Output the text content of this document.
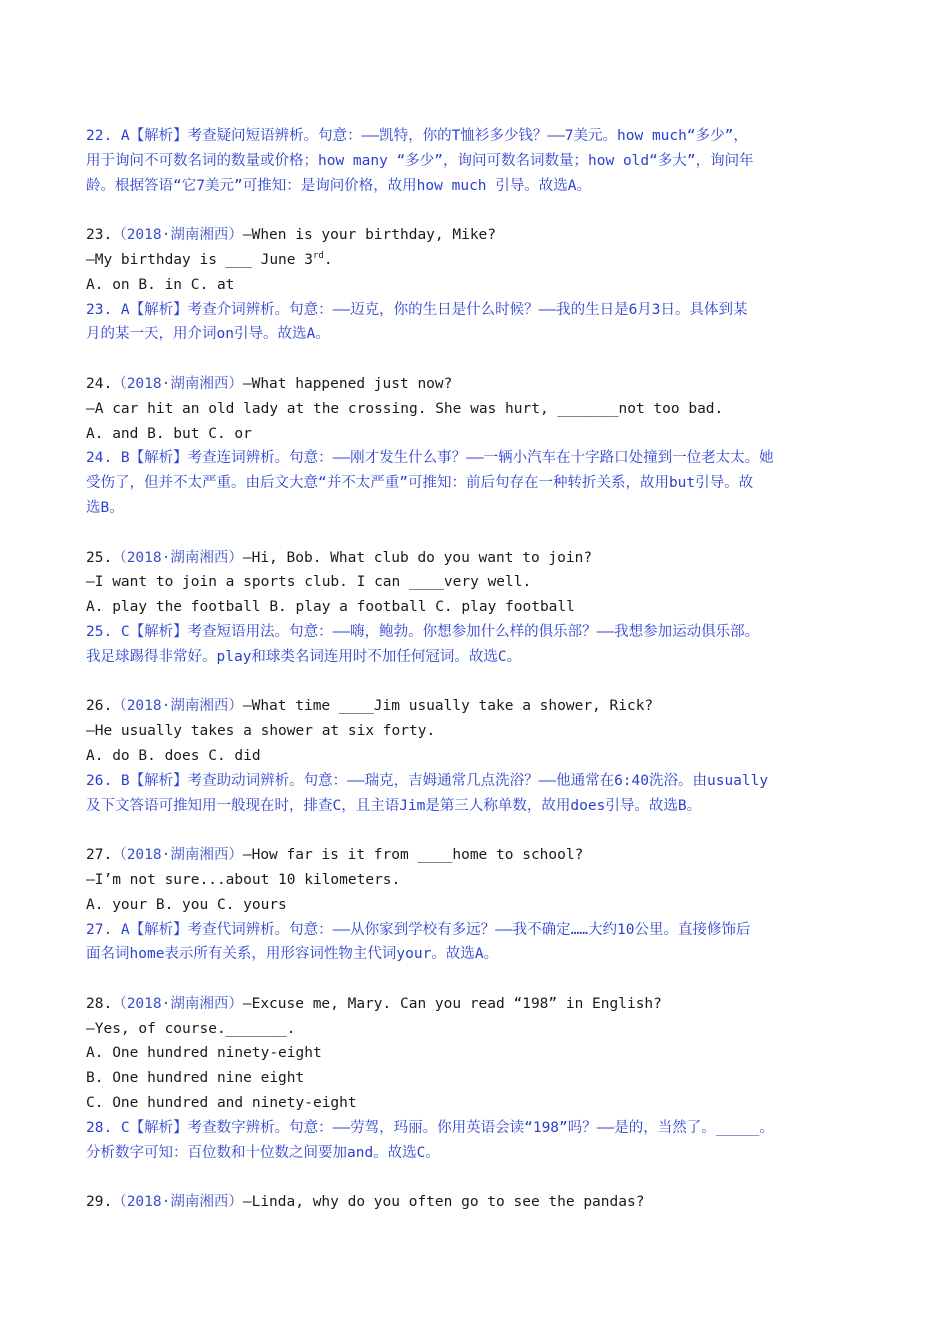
22. A【解析】考查疑问短语辨析。句意：——凯特，你的T恤衫多少钱？——7美元。how much“多少”，
用于询问不可数名词的数量或价格；how many “多少”，询问可数名词数量；how old“多大”，询问年
龄。根据答语“它7美元”可推知：是询问价格，故用how much 引导。故选A。
23.（2018·湖南湘西）—When is your birthday, Mike?
—My birthday is ___ June 3rd.
A. on B. in C. at
23. A【解析】考查介词辨析。句意：——迈克，你的生日是什么时候？——我的生日是6月3日。具体到某
月的某一天，用介词on引导。故选A。
24.（2018·湖南湘西）—What happened just now?
—A car hit an old lady at the crossing. She was hurt, _______not too bad.
A. and B. but C. or
24. B【解析】考查连词辨析。句意：——刚才发生什么事？——一辆小汽车在十字路口处撞到一位老太太。她
受伤了，但并不太严重。由后文大意“并不太严重”可推知：前后句存在一种转折关系，故用but引导。故
选B。
25.（2018·湖南湘西）—Hi, Bob. What club do you want to join?
—I want to join a sports club. I can ____very well.
A. play the football B. play a football C. play football
25. C【解析】考查短语用法。句意：——嗨，鲍勃。你想参加什么样的俱乐部？——我想参加运动俱乐部。
我足球踢得非常好。play和球类名词连用时不加任何冠词。故选C。
26.（2018·湖南湘西）—What time ____Jim usually take a shower, Rick?
—He usually takes a shower at six forty.
A. do B. does C. did
26. B【解析】考查助动词辨析。句意：——瑞克，吉姆通常几点洗浴？——他通常在6:40洗浴。由usually
及下文答语可推知用一般现在时，排查C，且主语Jim是第三人称单数，故用does引导。故选B。
27.（2018·湖南湘西）—How far is it from ____home to school?
—I’m not sure...about 10 kilometers.
A. your B. you C. yours
27. A【解析】考查代词辨析。句意：——从你家到学校有多远？——我不确定……大约10公里。直接修饰后
面名词home表示所有关系，用形容词性物主代词your。故选A。
28.（2018·湖南湘西）—Excuse me, Mary. Can you read “198” in English?
—Yes, of course._______.
A. One hundred ninety-eight
B. One hundred nine eight
C. One hundred and ninety-eight
28. C【解析】考查数字辨析。句意：——劳驾，玛丽。你用英语会读“198”吗？——是的，当然了。_____。
分析数字可知：百位数和十位数之间要加and。故选C。
29.（2018·湖南湘西）—Linda, why do you often go to see the pandas?
